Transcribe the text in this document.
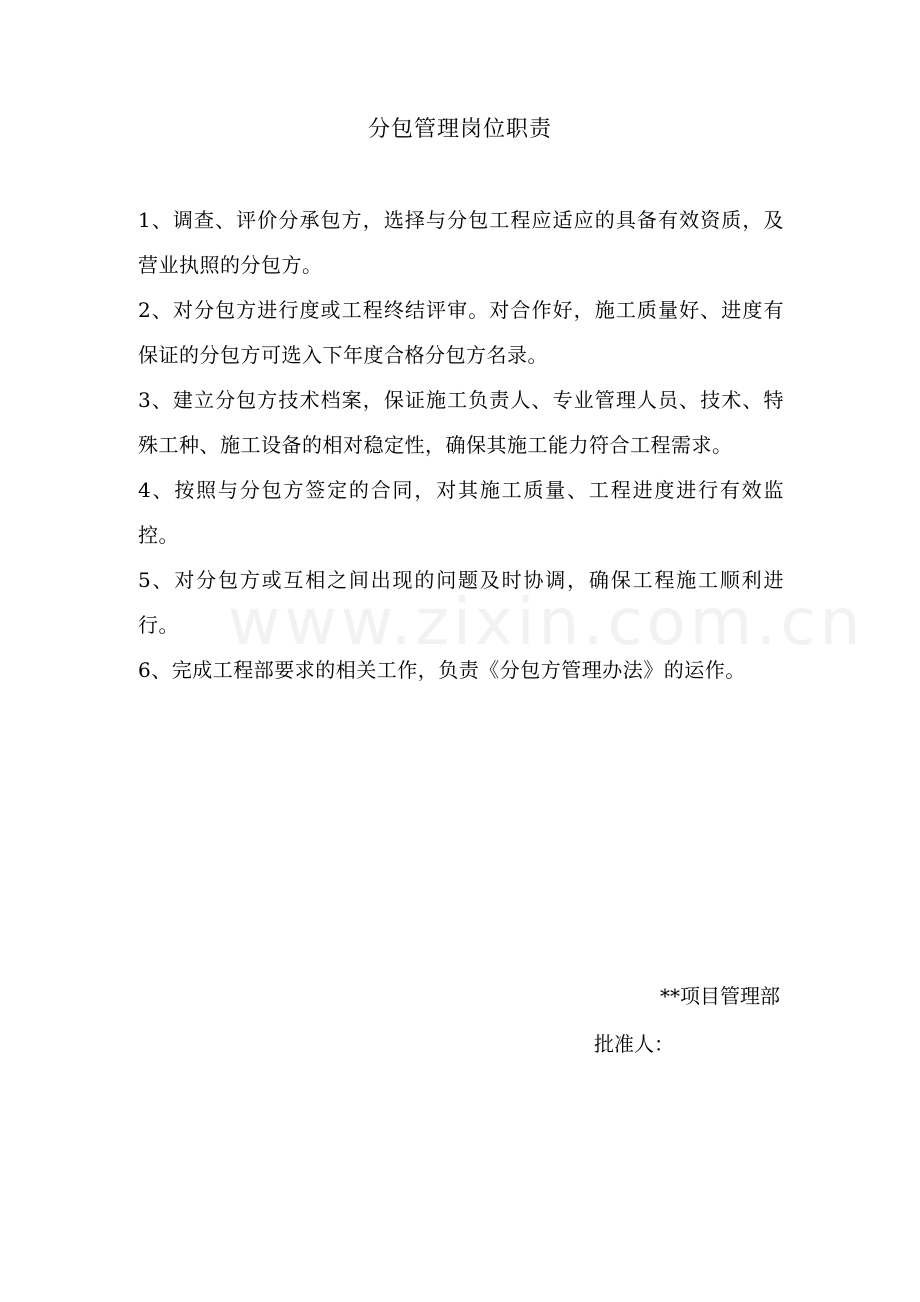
www.zixin.com.cn
分包管理岗位职责

1、调查、评价分承包方，选择与分包工程应适应的具备有效资质，及营业执照的分包方。

2、对分包方进行度或工程终结评审。对合作好，施工质量好、进度有保证的分包方可选入下年度合格分包方名录。

3、建立分包方技术档案，保证施工负责人、专业管理人员、技术、特殊工种、施工设备的相对稳定性，确保其施工能力符合工程需求。

4、按照与分包方签定的合同，对其施工质量、工程进度进行有效监控。

5、对分包方或互相之间出现的问题及时协调，确保工程施工顺利进行。

6、完成工程部要求的相关工作，负责《分包方管理办法》的运作。

**项目管理部
批准人：
